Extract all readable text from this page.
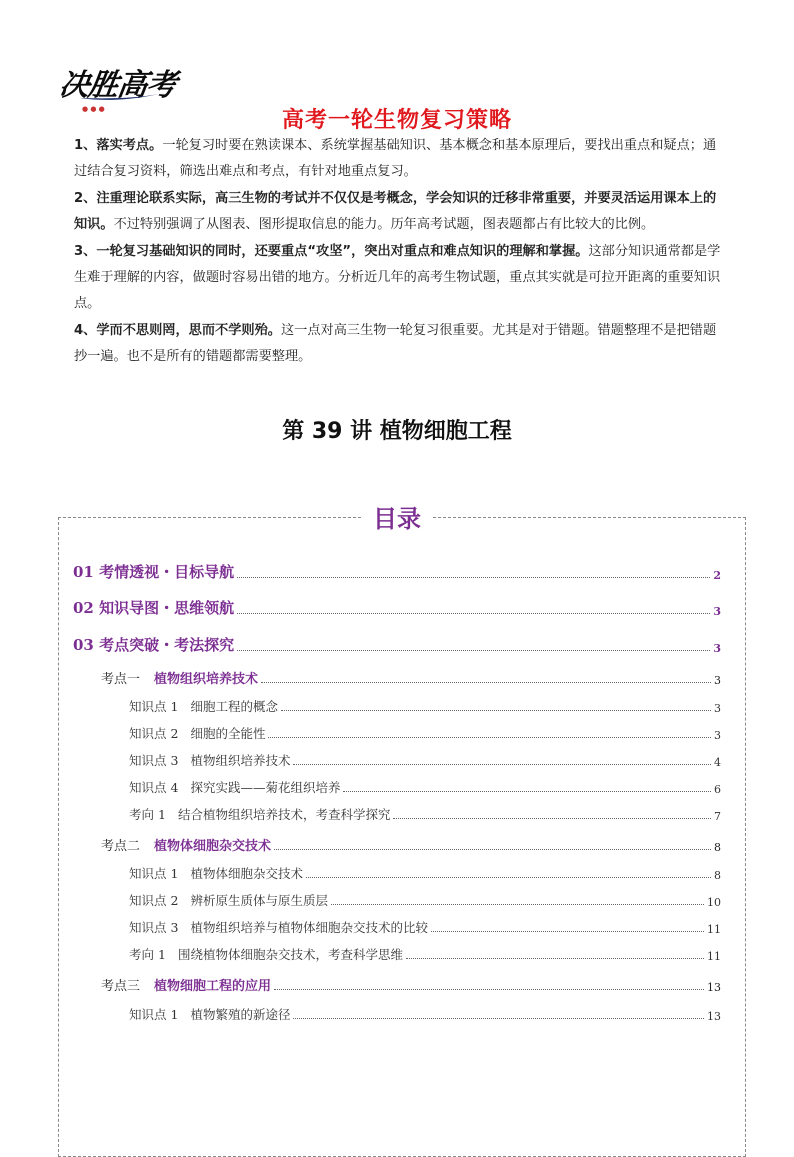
决胜高考
● ● ●	高考一轮生物复习策略

1、落实考点。一轮复习时要在熟读课本、系统掌握基础知识、基本概念和基本原理后，要找出重点和疑点；通过结合复习资料，筛选出难点和考点，有针对地重点复习。

2、注重理论联系实际，高三生物的考试并不仅仅是考概念，学会知识的迁移非常重要，并要灵活运用课本上的知识。不过特别强调了从图表、图形提取信息的能力。历年高考试题，图表题都占有比较大的比例。

3、一轮复习基础知识的同时，还要重点“攻坚”，突出对重点和难点知识的理解和掌握。这部分知识通常都是学生难于理解的内容，做题时容易出错的地方。分析近几年的高考生物试题，重点其实就是可拉开距离的重要知识点。

4、学而不思则罔，思而不学则殆。这一点对高三生物一轮复习很重要。尤其是对于错题。错题整理不是把错题抄一遍。也不是所有的错题都需要整理。

第 39 讲 植物细胞工程
01 考情透视・目标导航	2
02 知识导图・思维领航	3
03 考点突破・考法探究	3
考点一 植物组织培养技术	3
知识点 1 细胞工程的概念	3
知识点 2 细胞的全能性	3
知识点 3 植物组织培养技术	4
知识点 4 探究实践——菊花组织培养	6
考向 1 结合植物组织培养技术，考查科学探究	7
考点二 植物体细胞杂交技术	8
知识点 1 植物体细胞杂交技术	8
知识点 2 辨析原生质体与原生质层	10
知识点 3 植物组织培养与植物体细胞杂交技术的比较	11
考向 1 围绕植物体细胞杂交技术，考查科学思维	11
考点三 植物细胞工程的应用	13
知识点 1 植物繁殖的新途径	13
目录
